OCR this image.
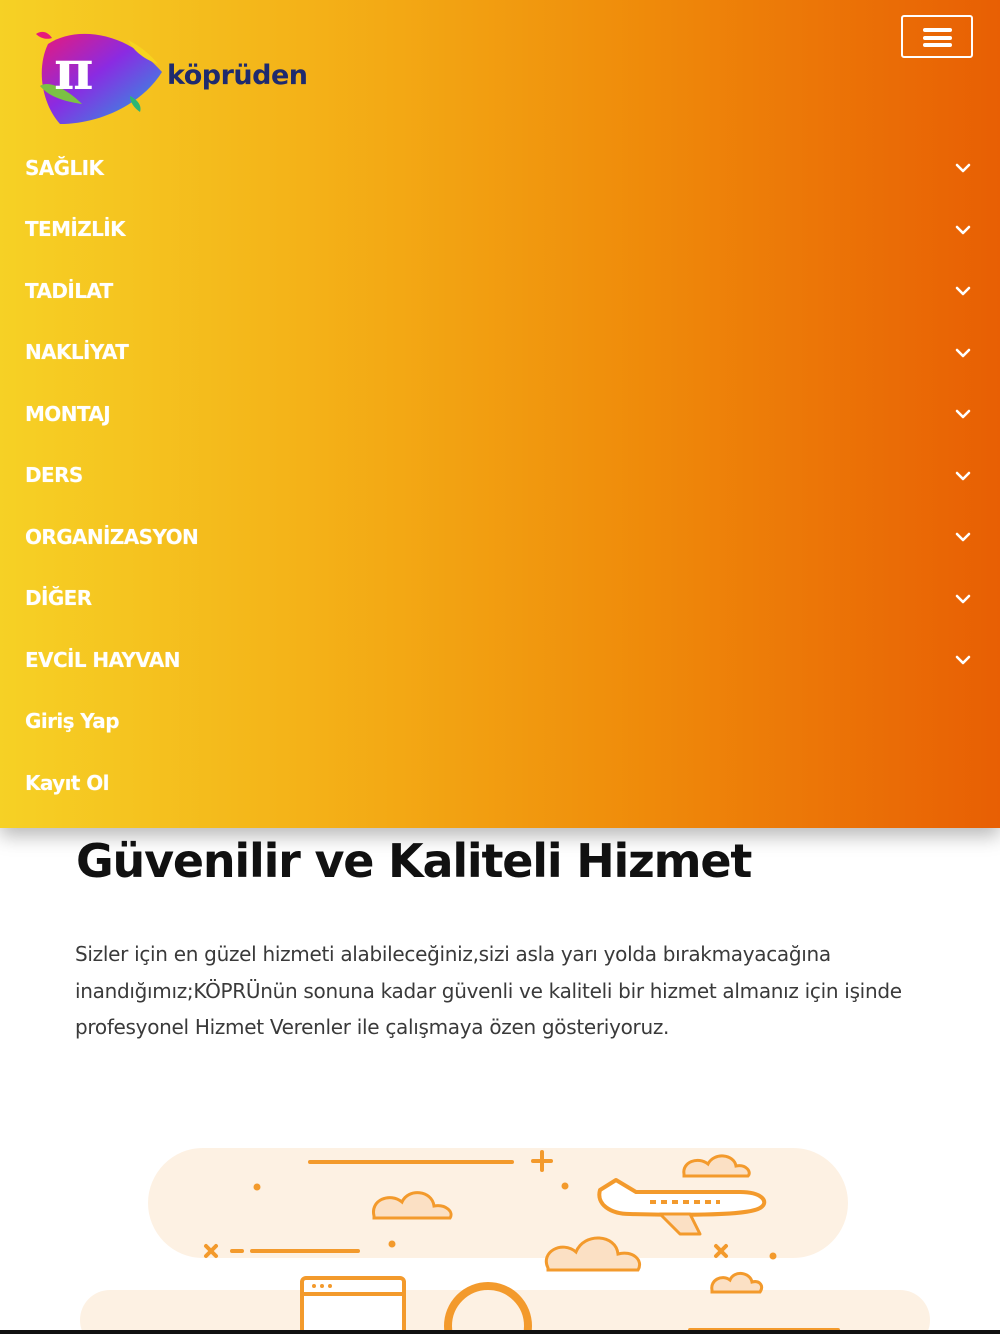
π	köprüden
SAĞLIK
TEMİZLİK
TADİLAT
NAKLİYAT
MONTAJ
DERS
ORGANİZASYON
DİĞER
EVCİL HAYVAN
Giriş Yap
Kayıt Ol
Güvenilir ve Kaliteli Hizmet

Sizler için en güzel hizmeti alabileceğiniz,sizi asla yarı yolda bırakmayacağına inandığımız;KÖPRÜnün sonuna kadar güvenli ve kaliteli bir hizmet almanız için işinde profesyonel Hizmet Verenler ile çalışmaya özen gösteriyoruz.
